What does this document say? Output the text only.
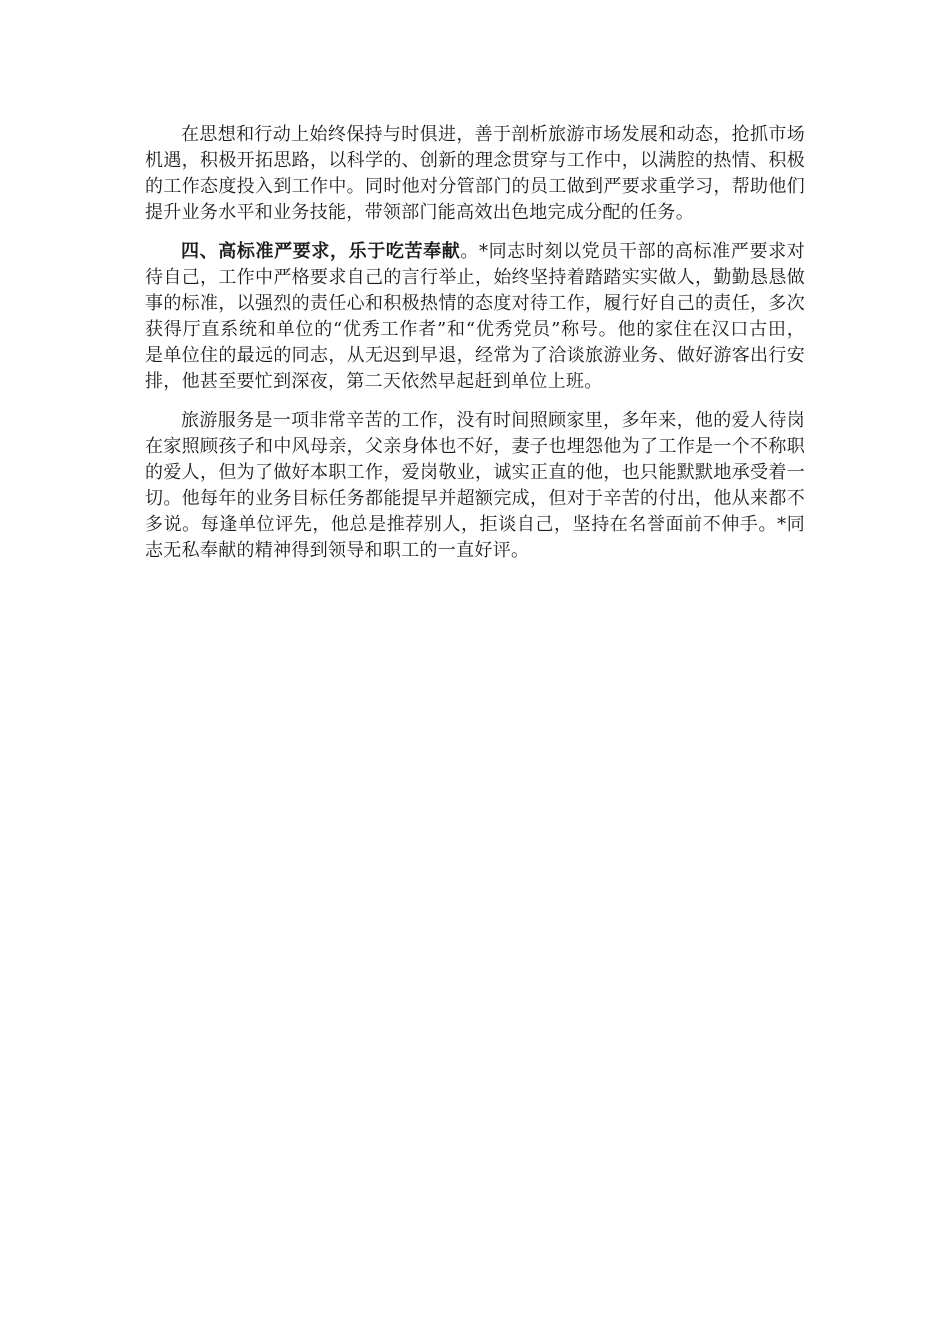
在思想和行动上始终保持与时俱进，善于剖析旅游市场发展和动态，抢抓市场机遇，积极开拓思路，以科学的、创新的理念贯穿与工作中，以满腔的热情、积极的工作态度投入到工作中。同时他对分管部门的员工做到严要求重学习，帮助他们提升业务水平和业务技能，带领部门能高效出色地完成分配的任务。

四、高标准严要求，乐于吃苦奉献。*同志时刻以党员干部的高标准严要求对待自己，工作中严格要求自己的言行举止，始终坚持着踏踏实实做人，勤勤恳恳做事的标准，以强烈的责任心和积极热情的态度对待工作，履行好自己的责任，多次获得厅直系统和单位的“优秀工作者”和“优秀党员”称号。他的家住在汉口古田，是单位住的最远的同志，从无迟到早退，经常为了洽谈旅游业务、做好游客出行安排，他甚至要忙到深夜，第二天依然早起赶到单位上班。

旅游服务是一项非常辛苦的工作，没有时间照顾家里，多年来，他的爱人待岗在家照顾孩子和中风母亲，父亲身体也不好，妻子也埋怨他为了工作是一个不称职的爱人，但为了做好本职工作，爱岗敬业，诚实正直的他，也只能默默地承受着一切。他每年的业务目标任务都能提早并超额完成，但对于辛苦的付出，他从来都不多说。每逢单位评先，他总是推荐别人，拒谈自己，坚持在名誉面前不伸手。*同志无私奉献的精神得到领导和职工的一直好评。
